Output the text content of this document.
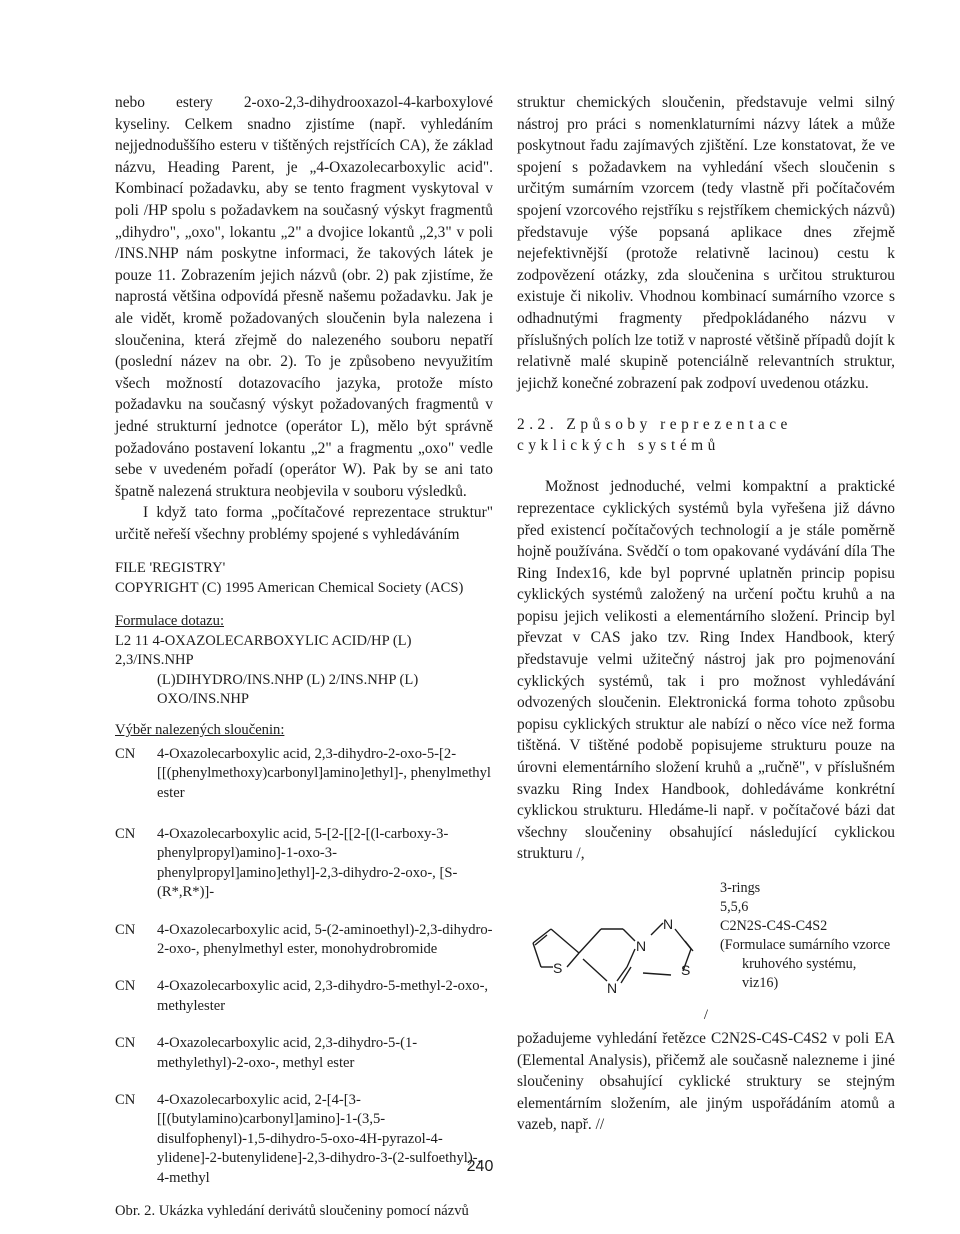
nebo estery 2-oxo-2,3-dihydrooxazol-4-karboxylové kyseliny. Celkem snadno zjistíme (např. vyhledáním nejjednoduššího esteru v tištěných rejstřících CA), že základ názvu, Heading Parent, je „4-Oxazolecarboxylic acid". Kombinací požadavku, aby se tento fragment vyskytoval v poli /HP spolu s požadavkem na současný výskyt fragmentů „dihydro", „oxo", lokantu „2" a dvojice lokantů „2,3" v poli /INS.NHP nám poskytne informaci, že takových látek je pouze 11. Zobrazením jejich názvů (obr. 2) pak zjistíme, že naprostá většina odpovídá přesně našemu požadavku. Jak je ale vidět, kromě požadovaných sloučenin byla nalezena i sloučenina, která zřejmě do nalezeného souboru nepatří (poslední název na obr. 2). To je způsobeno nevyužitím všech možností dotazovacího jazyka, protože místo požadavku na současný výskyt požadovaných fragmentů v jedné strukturní jednotce (operátor L), mělo být správně požadováno postavení lokantu „2" a fragmentu „oxo" vedle sebe v uvedeném pořadí (operátor W). Pak by se ani tato špatně nalezená struktura neobjevila v souboru výsledků.

I když tato forma „počítačové reprezentace struktur" určitě neřeší všechny problémy spojené s vyhledáváním

FILE 'REGISTRY'
COPYRIGHT (C) 1995 American Chemical Society (ACS)
Formulace dotazu:
L2 11 4-OXAZOLECARBOXYLIC ACID/HP (L) 2,3/INS.NHP
(L)DIHYDRO/INS.NHP (L) 2/INS.NHP (L) OXO/INS.NHP
Výběr nalezených sloučenin:
CN	4-Oxazolecarboxylic acid, 2,3-dihydro-2-oxo-5-[2-[[(phenylmethoxy)carbonyl]amino]ethyl]-, phenylmethyl ester
CN	4-Oxazolecarboxylic acid, 5-[2-[[2-[(l-carboxy-3-phenylpropyl)amino]-1-oxo-3-phenylpropyl]amino]ethyl]-2,3-dihydro-2-oxo-, [S-(R*,R*)]-
CN	4-Oxazolecarboxylic acid, 5-(2-aminoethyl)-2,3-dihydro-2-oxo-, phenylmethyl ester, monohydrobromide
CN	4-Oxazolecarboxylic acid, 2,3-dihydro-5-methyl-2-oxo-, methylester
CN	4-Oxazolecarboxylic acid, 2,3-dihydro-5-(1-methylethyl)-2-oxo-, methyl ester
CN	4-Oxazolecarboxylic acid, 2-[4-[3-[[(butylamino)carbonyl]amino]-1-(3,5-disulfophenyl)-1,5-dihydro-5-oxo-4H-pyrazol-4-ylidene]-2-butenylidene]-2,3-dihydro-3-(2-sulfoethyl)-, 4-methyl
Obr. 2. Ukázka vyhledání derivátů sloučeniny pomocí názvů

struktur chemických sloučenin, představuje velmi silný nástroj pro práci s nomenklaturními názvy látek a může poskytnout řadu zajímavých zjištění. Lze konstatovat, že ve spojení s požadavkem na vyhledání všech sloučenin s určitým sumárním vzorcem (tedy vlastně při počítačovém spojení vzorcového rejstříku s rejstříkem chemických názvů) představuje výše popsaná aplikace dnes zřejmě nejefektivnější (protože relativně lacinou) cestu k zodpovězení otázky, zda sloučenina s určitou strukturou existuje či nikoliv. Vhodnou kombinací sumárního vzorce s odhadnutými fragmenty předpokládaného názvu v příslušných polích lze totiž v naprosté většině případů dojít k relativně malé skupině potenciálně relevantních struktur, jejichž konečné zobrazení pak zodpoví uvedenou otázku.

2.2. Způsoby reprezentace cyklických systémů

Možnost jednoduché, velmi kompaktní a praktické reprezentace cyklických systémů byla vyřešena již dávno před existencí počítačových technologií a je stále poměrně hojně používána. Svědčí o tom opakované vydávání díla The Ring Index16, kde byl poprvné uplatněn princip popisu cyklických systémů založený na určení počtu kruhů a na popisu jejich velikosti a elementárního složení. Princip byl převzat v CAS jako tzv. Ring Index Handbook, který představuje velmi užitečný nástroj jak pro pojmenování cyklických systémů, tak i pro možnost vyhledávání odvozených sloučenin. Elektronická forma tohoto způsobu popisu cyklických struktur ale nabízí o něco více než forma tištěná. V tištěné podobě popisujeme strukturu pouze na úrovni elementárního složení kruhů a „ručně", v příslušném svazku Ring Index Handbook, dohledáváme konkrétní cyklickou strukturu. Hledáme-li např. v počítačové bázi dat všechny sloučeniny obsahující následující cyklickou strukturu /,

N
N
S
N
S
3-rings
5,5,6
C2N2S-C4S-C4S2
(Formulace sumárního vzorce
kruhového systému, viz16)
/

požadujeme vyhledání řetězce C2N2S-C4S-C4S2 v poli EA (Elemental Analysis), přičemž ale současně nalezneme i jiné sloučeniny obsahující cyklické struktury se stejným elementárním složením, ale jiným uspořádáním atomů a vazeb, např. //

240
